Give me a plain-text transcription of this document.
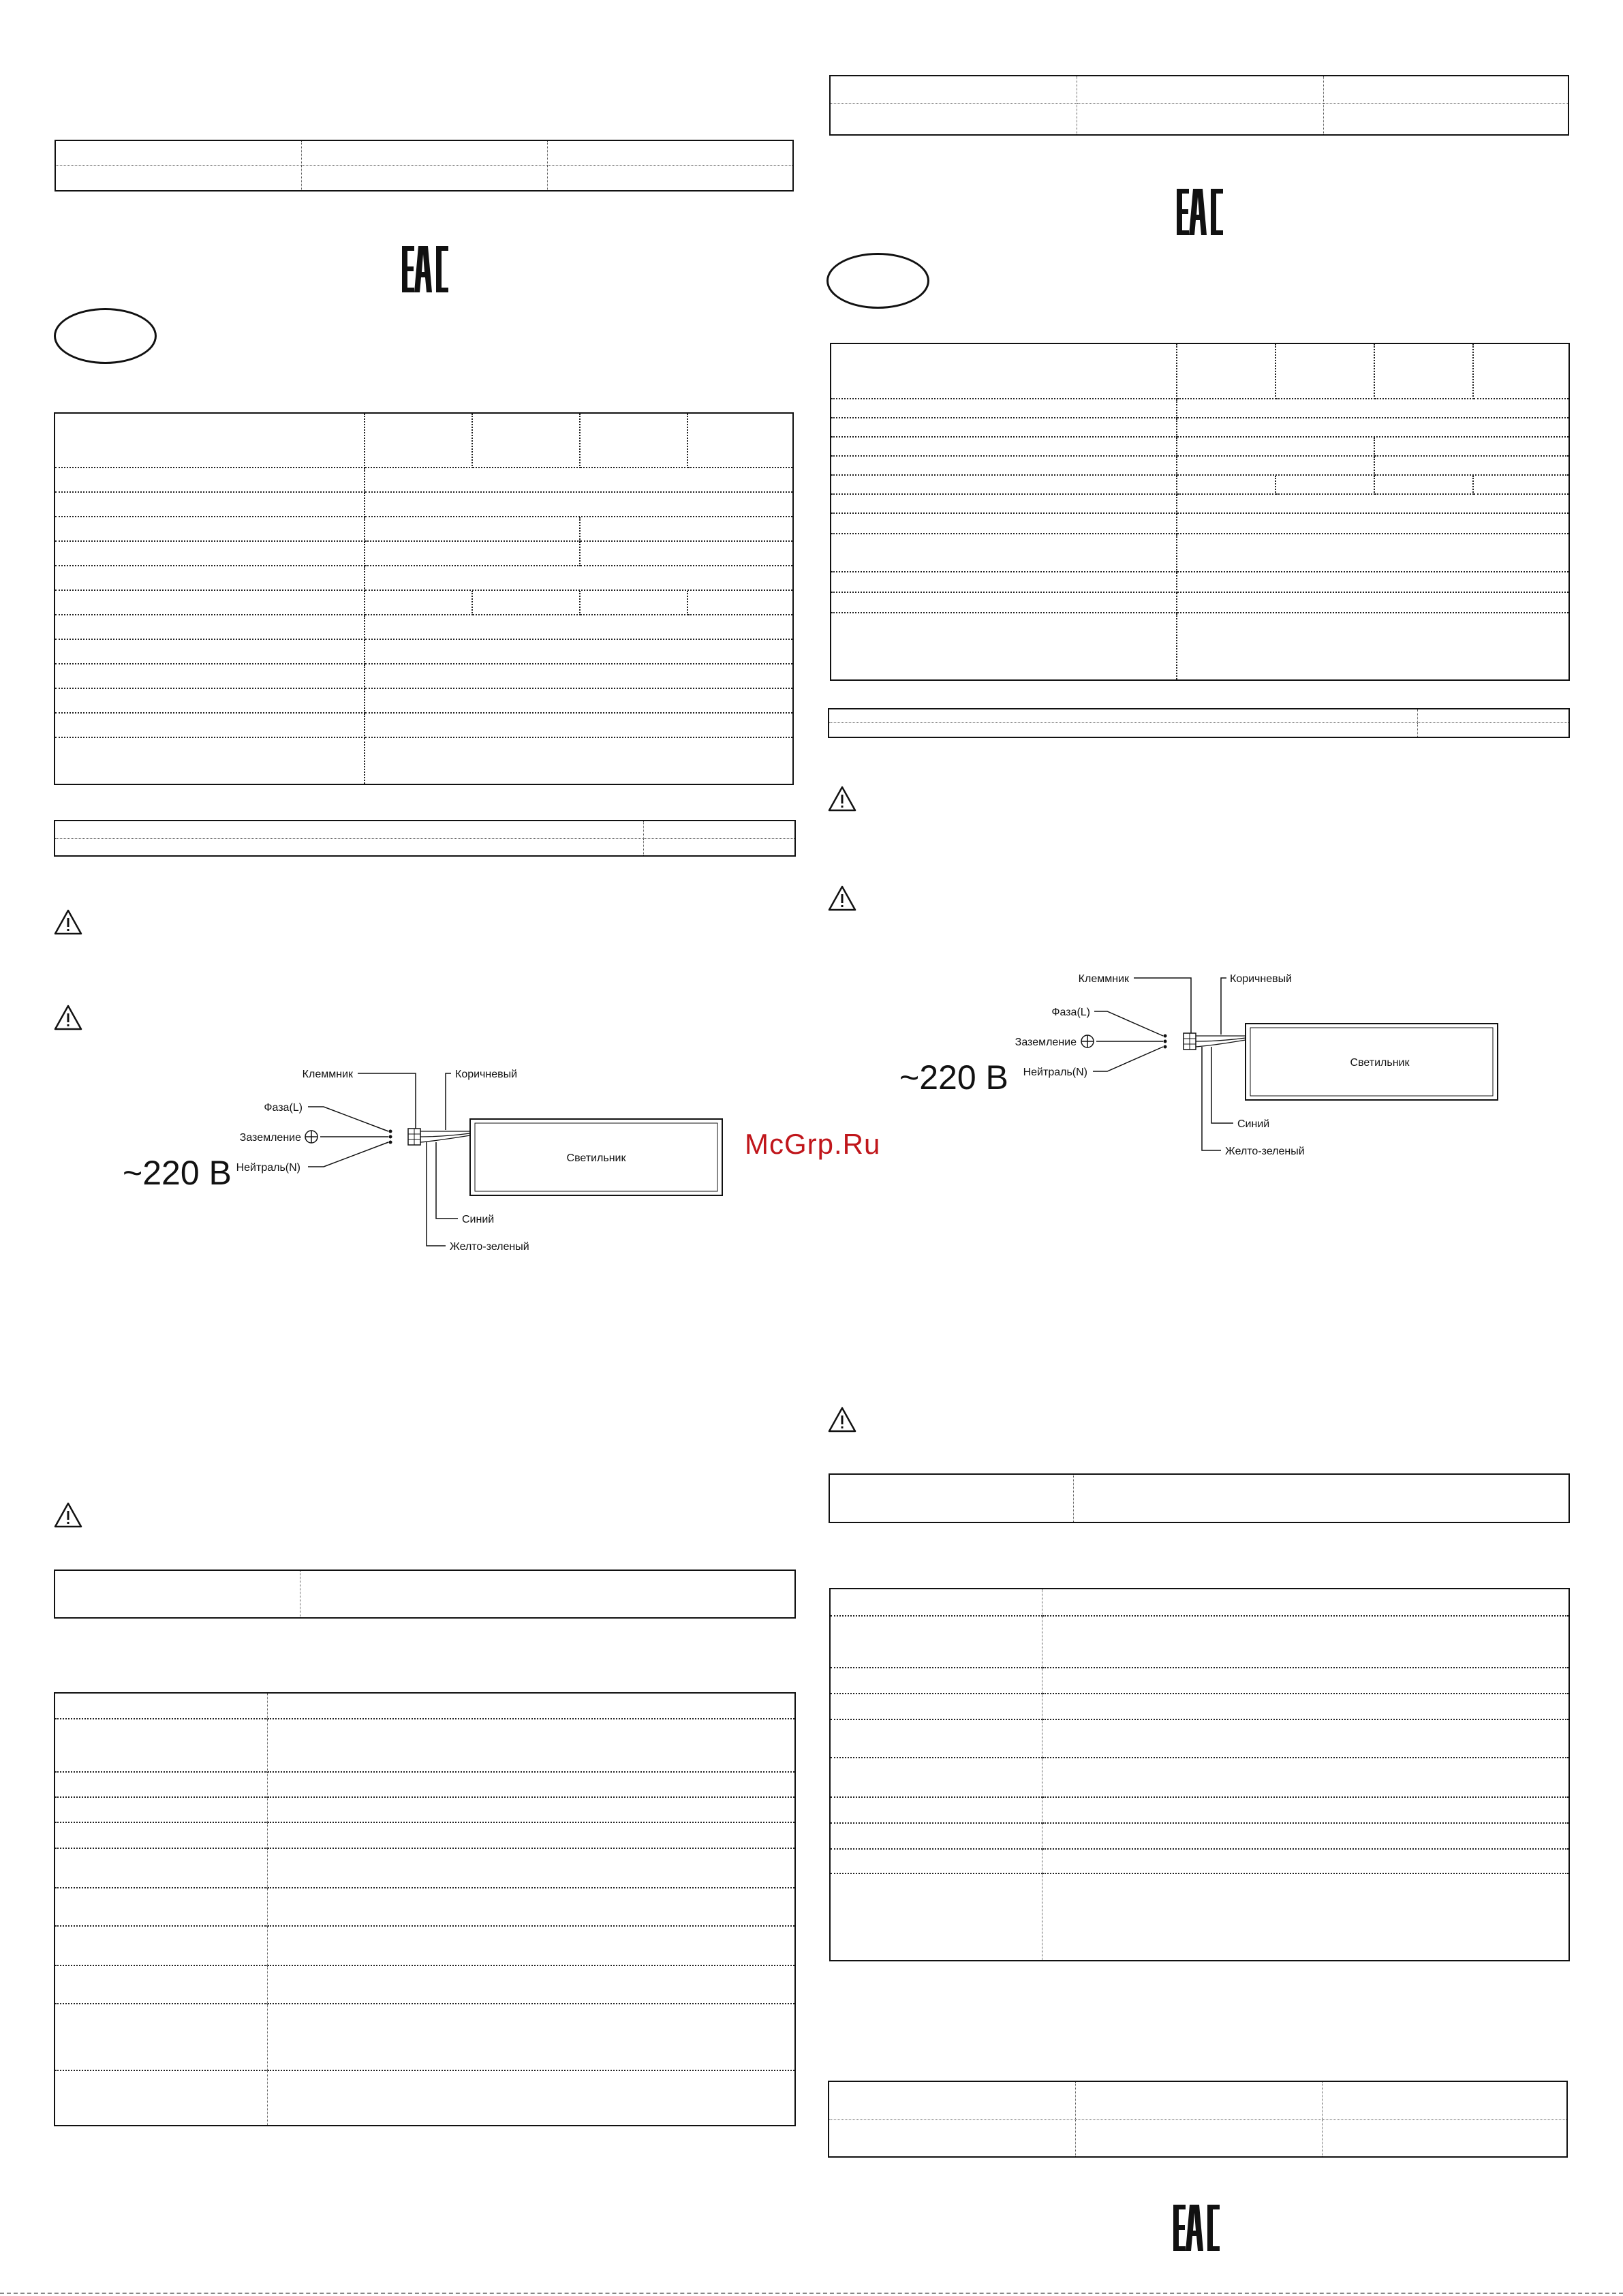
~220 В
Фаза(L)
Нейтраль(N)
Заземление
Клеммник	Коричневый
Синий
Желто-зеленый
Светильник
~220 В
Фаза(L)
Нейтраль(N)
Заземление
Клеммник	Коричневый
Синий
Желто-зеленый
Светильник
McGrp.Ru
